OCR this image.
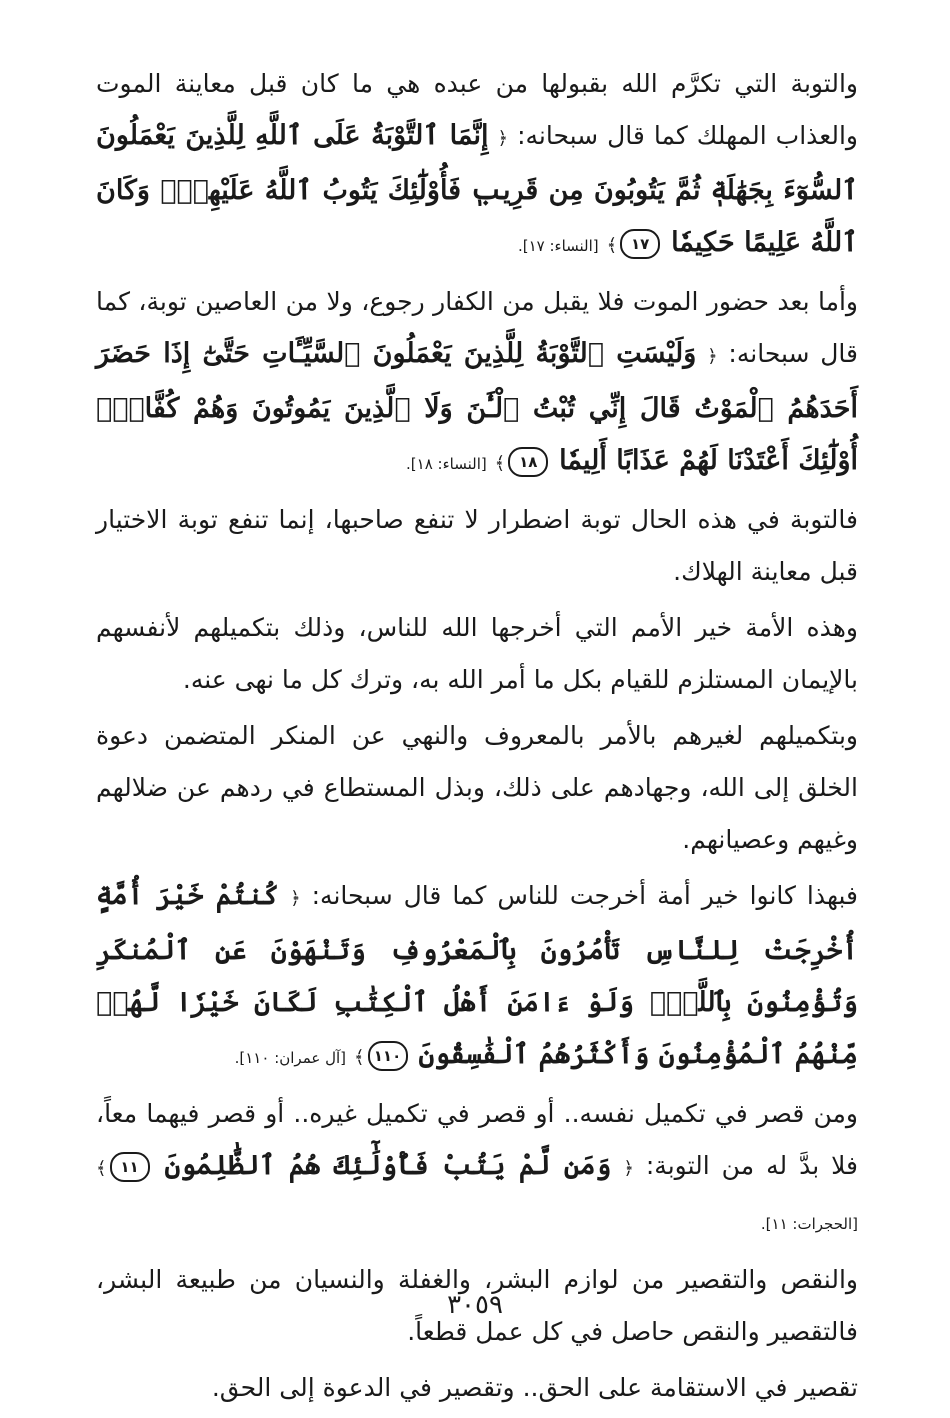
والتوبة التي تكرَّم الله بقبولها من عبده هي ما كان قبل معاينة الموت والعذاب المهلك كما قال سبحانه: ﴿ إِنَّمَا ٱلتَّوْبَةُ عَلَى ٱللَّهِ لِلَّذِينَ يَعْمَلُونَ ٱلسُّوٓءَ بِجَهَٰلَةٖ ثُمَّ يَتُوبُونَ مِن قَرِيبٖ فَأُوْلَٰٓئِكَ يَتُوبُ ٱللَّهُ عَلَيْهِمْۗ وَكَانَ ٱللَّهُ عَلِيمًا حَكِيمٗا ١٧﴾ [النساء: ١٧].

وأما بعد حضور الموت فلا يقبل من الكفار رجوع، ولا من العاصين توبة، كما قال سبحانه: ﴿ وَلَيْسَتِ ٱلتَّوْبَةُ لِلَّذِينَ يَعْمَلُونَ ٱلسَّيِّـَٔاتِ حَتَّىٰٓ إِذَا حَضَرَ أَحَدَهُمُ ٱلْمَوْتُ قَالَ إِنِّي تُبْتُ ٱلْـَٰٔنَ وَلَا ٱلَّذِينَ يَمُوتُونَ وَهُمْ كُفَّارٌۚ أُوْلَٰٓئِكَ أَعْتَدْنَا لَهُمْ عَذَابًا أَلِيمٗا ١٨﴾ [النساء: ١٨].

فالتوبة في هذه الحال توبة اضطرار لا تنفع صاحبها، إنما تنفع توبة الاختيار قبل معاينة الهلاك.

وهذه الأمة خير الأمم التي أخرجها الله للناس، وذلك بتكميلهم لأنفسهم بالإيمان المستلزم للقيام بكل ما أمر الله به، وترك كل ما نهى عنه.

وبتكميلهم لغيرهم بالأمر بالمعروف والنهي عن المنكر المتضمن دعوة الخلق إلى الله، وجهادهم على ذلك، وبذل المستطاع في ردهم عن ضلالهم وغيهم وعصيانهم.

فبهذا كانوا خير أمة أخرجت للناس كما قال سبحانه: ﴿ كُنتُمْ خَيْرَ أُمَّةٍ أُخْرِجَتْ لِلنَّاسِ تَأْمُرُونَ بِٱلْمَعْرُوفِ وَتَنْهَوْنَ عَنِ ٱلْمُنكَرِ وَتُؤْمِنُونَ بِٱللَّهِۗ وَلَوْ ءَامَنَ أَهْلُ ٱلْكِتَٰبِ لَكَانَ خَيْرٗا لَّهُمۚ مِّنْهُمُ ٱلْمُؤْمِنُونَ وَأَكْثَرُهُمُ ٱلْفَٰسِقُونَ ١١٠﴾ [آل عمران: ١١٠].

ومن قصر في تكميل نفسه.. أو قصر في تكميل غيره.. أو قصر فيهما معاً، فلا بدَّ له من التوبة: ﴿ وَمَن لَّمْ يَتُبْ فَأُوْلَٰٓئِكَ هُمُ ٱلظَّٰلِمُونَ ١١﴾ [الحجرات: ١١].

والنقص والتقصير من لوازم البشر، والغفلة والنسيان من طبيعة البشر، فالتقصير والنقص حاصل في كل عمل قطعاً.

تقصير في الاستقامة على الحق.. وتقصير في الدعوة إلى الحق.

٣٠٥٩
